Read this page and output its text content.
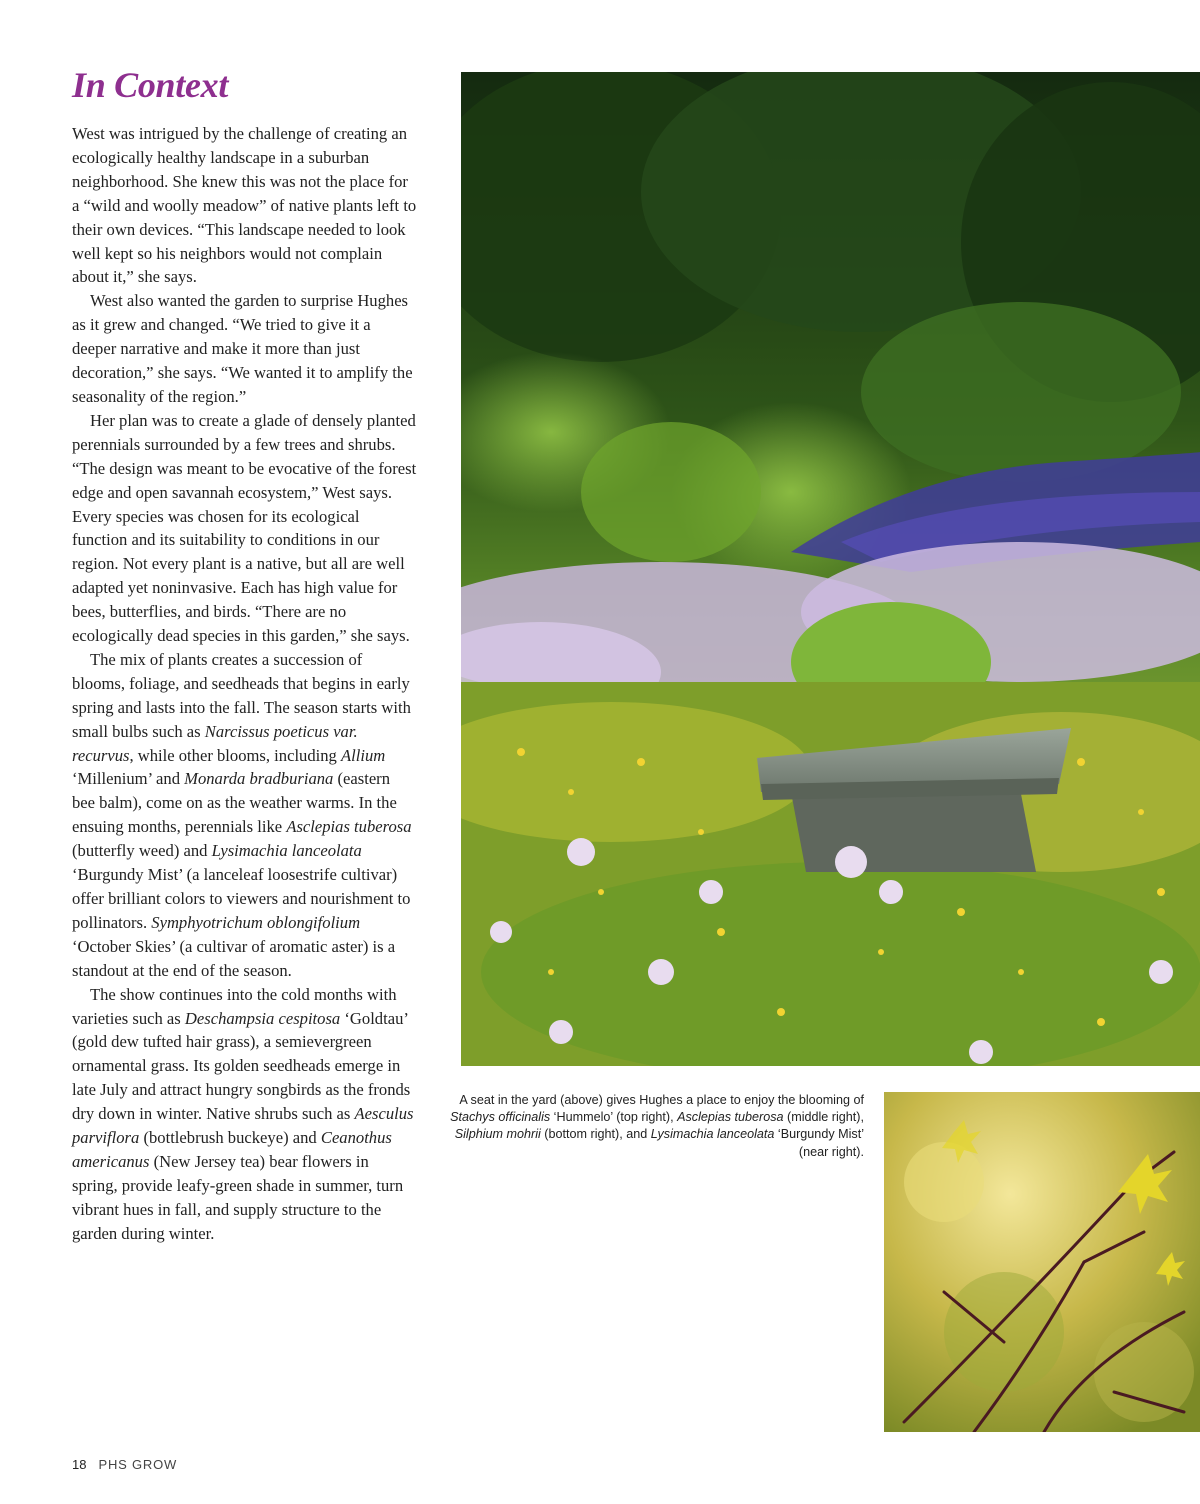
In Context

West was intrigued by the challenge of creating an ecologically healthy landscape in a suburban neighborhood. She knew this was not the place for a “wild and woolly meadow” of native plants left to their own devices. “This landscape needed to look well kept so his neighbors would not complain about it,” she says.

West also wanted the garden to surprise Hughes as it grew and changed. “We tried to give it a deeper narrative and make it more than just decoration,” she says. “We wanted it to amplify the seasonality of the region.”

Her plan was to create a glade of densely planted perennials surrounded by a few trees and shrubs. “The design was meant to be evocative of the forest edge and open savannah ecosystem,” West says. Every species was chosen for its ecological function and its suitability to conditions in our region. Not every plant is a native, but all are well adapted yet noninvasive. Each has high value for bees, butterflies, and birds. “There are no ecologically dead species in this garden,” she says.

The mix of plants creates a succession of blooms, foliage, and seedheads that begins in early spring and lasts into the fall. The season starts with small bulbs such as Narcissus poeticus var. recurvus, while other blooms, including Allium ‘Millenium’ and Monarda bradburiana (eastern bee balm), come on as the weather warms. In the ensuing months, perennials like Asclepias tuberosa (butterfly weed) and Lysimachia lanceolata ‘Burgundy Mist’ (a lanceleaf loosestrife cultivar) offer brilliant colors to viewers and nourishment to pollinators. Symphyotrichum oblongifolium ‘October Skies’ (a cultivar of aromatic aster) is a standout at the end of the season.

The show continues into the cold months with varieties such as Deschampsia cespitosa ‘Goldtau’ (gold dew tufted hair grass), a semievergreen ornamental grass. Its golden seedheads emerge in late July and attract hungry songbirds as the fronds dry down in winter. Native shrubs such as Aesculus parviflora (bottlebrush buckeye) and Ceanothus americanus (New Jersey tea) bear flowers in spring, provide leafy-green shade in summer, turn vibrant hues in fall, and supply structure to the garden during winter.

A seat in the yard (above) gives Hughes a place to enjoy the blooming of Stachys officinalis ‘Hummelo’ (top right), Asclepias tuberosa (middle right), Silphium mohrii (bottom right), and Lysimachia lanceolata ‘Burgundy Mist’ (near right).
18 PHS GROW
